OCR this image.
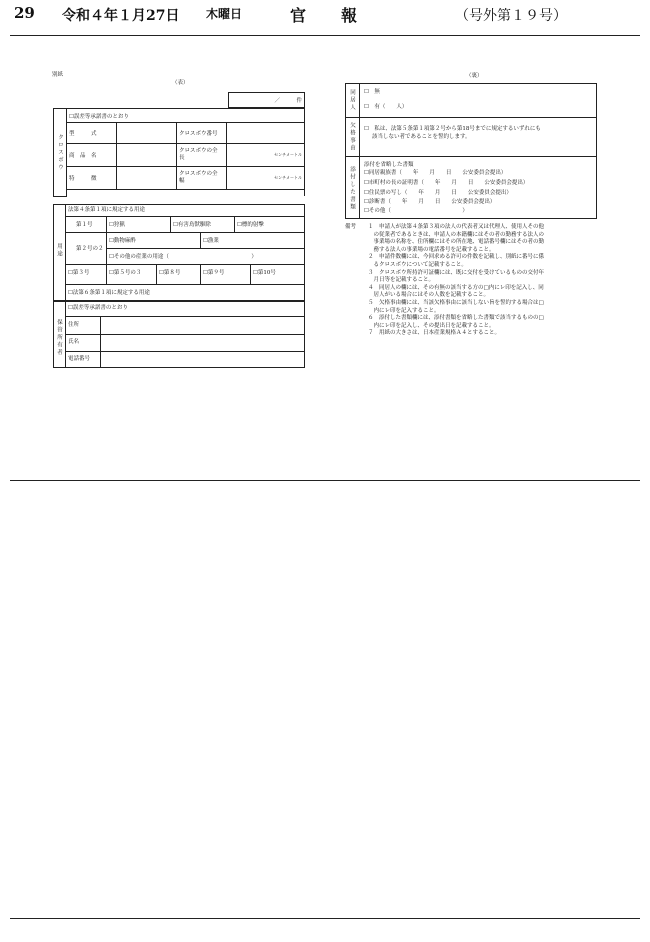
29 令和４年１月27日 木曜日	官　　報	（号外第１９号）
別紙
（表）
／　　　件
クロスボウ	☐誤差等承諾書のとおり			
	型　　　式		クロスボウ番号	
	商　品　名		クロスボウの全　　長	センチメートル
	特　　　徴		クロスボウの全　　幅	センチメートル

用途
法第４条第１項に規定する用途
第１号	☐狩猟	☐有害鳥獣駆除	☐標的射撃
第２号の２
☐動物麻酔	☐漁業
☐その他の産業の用途（　　　　　　　　　　　　　　　）
☐第３号	☐第５号の３	☐第８号	☐第９号	☐第10号
☐法第６条第１項に規定する用途
保管所有者
☐誤差等承諾書のとおり
住所
氏名
電話番号
（裏）
同居人 ☐　無
☐　有（　　人）
欠格事由 ☐　私は、法第５条第１項第２号から第18号までに規定するいずれにも
該当しない者であることを誓約します。
添付した書類
添付を省略した書類
☐同居親族書（　　年　　月　　日　　公安委員会提出）
☐市町村の長の証明書（　　年　　月　　日　　公安委員会提出）
☐住民票の写し（　　年　　月　　日　　公安委員会提出）
☐診断書（　　年　　月　　日　　公安委員会提出）
☐その他（　　　　　　　　　　　　　）
備考 １　申請人が法第４条第３項の法人の代表者又は代理人、使用人その他
　の従業者であるときは、申請人の本籍欄にはその者の勤務する法人の
　事業場の名称を、住所欄にはその所在地、電話番号欄にはその者の勤
　務する法人の事業場の電話番号を記載すること。
２　申請件数欄には、今回求める許可の件数を記載し、別紙に番号に係
　るクロスボウについて記載すること。
３　クロスボウ所持許可証欄には、既に交付を受けているものの交付年
　月日等を記載すること。
４　同居人の欄には、その有無の該当する方の□内にレ印を記入し、同
　居人がいる場合にはその人数を記載すること。
５　欠格事由欄には、当該欠格事由に該当しない旨を誓約する場合は□
　内にレ印を記入すること。
６　添付した書類欄には、添付書類を省略した書類で該当するものの□
　内にレ印を記入し、その提出日を記載すること。
７　用紙の大きさは、日本産業規格Ａ４とすること。
